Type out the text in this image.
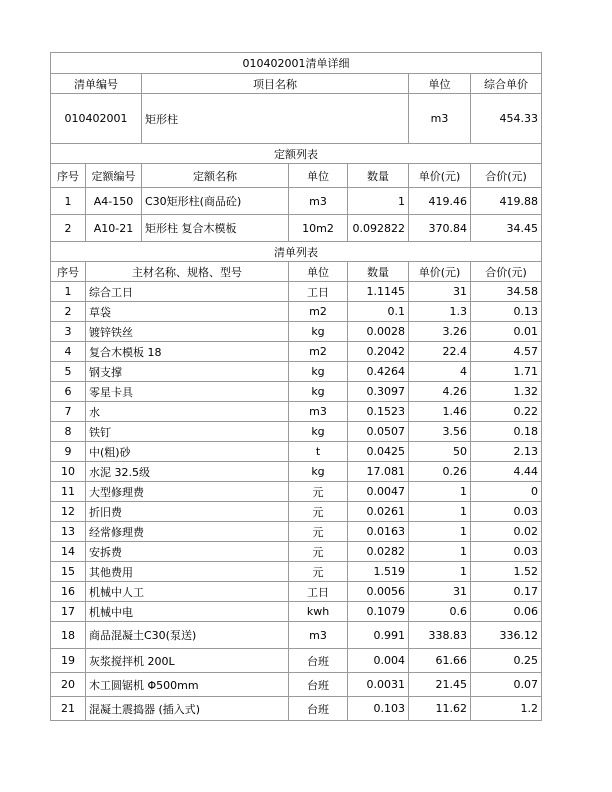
010402001清单详细						
清单编号		项目名称			单位	综合单价
010402001		矩形柱			m3	454.33
定额列表						
序号	定额编号	定额名称	单位	数量	单价(元)	合价(元)
1	A4-150	C30矩形柱(商品砼)	m3	1	419.46	419.88
2	A10-21	矩形柱 复合木模板	10m2	0.092822	370.84	34.45
清单列表						
序号	主材名称、规格、型号		单位	数量	单价(元)	合价(元)
1	综合工日		工日	1.1145	31	34.58
2	草袋		m2	0.1	1.3	0.13
3	镀锌铁丝		kg	0.0028	3.26	0.01
4	复合木模板 18		m2	0.2042	22.4	4.57
5	钢支撑		kg	0.4264	4	1.71
6	零星卡具		kg	0.3097	4.26	1.32
7	水		m3	0.1523	1.46	0.22
8	铁钉		kg	0.0507	3.56	0.18
9	中(粗)砂		t	0.0425	50	2.13
10	水泥 32.5级		kg	17.081	0.26	4.44
11	大型修理费		元	0.0047	1	0
12	折旧费		元	0.0261	1	0.03
13	经常修理费		元	0.0163	1	0.02
14	安拆费		元	0.0282	1	0.03
15	其他费用		元	1.519	1	1.52
16	机械中人工		工日	0.0056	31	0.17
17	机械中电		kwh	0.1079	0.6	0.06
18	商品混凝土C30(泵送)		m3	0.991	338.83	336.12
19	灰浆搅拌机 200L		台班	0.004	61.66	0.25
20	木工圆锯机 Φ500mm		台班	0.0031	21.45	0.07
21	混凝土震捣器 (插入式)		台班	0.103	11.62	1.2
